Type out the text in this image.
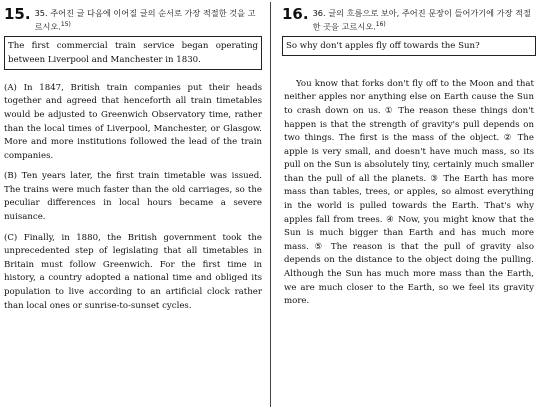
15. 35. 주어진 글 다음에 이어질 글의 순서로 가장 적절한 것을 고르시오.$^{15)}$
The first commercial train service began operating between Liverpool and Manchester in 1830.

(A) In 1847, British train companies put their heads together and agreed that henceforth all train timetables would be adjusted to Greenwich Observatory time, rather than the local times of Liverpool, Manchester, or Glasgow. More and more institutions followed the lead of the train companies.

(B) Ten years later, the first train timetable was issued. The trains were much faster than the old carriages, so the peculiar differences in local hours became a severe nuisance.

(C) Finally, in 1880, the British government took the unprecedented step of legislating that all timetables in Britain must follow Greenwich. For the first time in history, a country adopted a national time and obliged its population to live according to an artificial clock rather than local ones or sunrise-to-sunset cycles.

16. 36. 글의 흐름으로 보아, 주어진 문장이 들어가기에 가장 적절한 곳을 고르시오.$^{16)}$
So why don't apples fly off towards the Sun?

You know that forks don't fly off to the Moon and that neither apples nor anything else on Earth cause the Sun to crash down on us. ① The reason these things don't happen is that the strength of gravity's pull depends on two things. The first is the mass of the object. ② The apple is very small, and doesn't have much mass, so its pull on the Sun is absolutely tiny, certainly much smaller than the pull of all the planets. ③ The Earth has more mass than tables, trees, or apples, so almost everything in the world is pulled towards the Earth. That's why apples fall from trees. ④ Now, you might know that the Sun is much bigger than Earth and has much more mass. ⑤ The reason is that the pull of gravity also depends on the distance to the object doing the pulling. Although the Sun has much more mass than the Earth, we are much closer to the Earth, so we feel its gravity more.
